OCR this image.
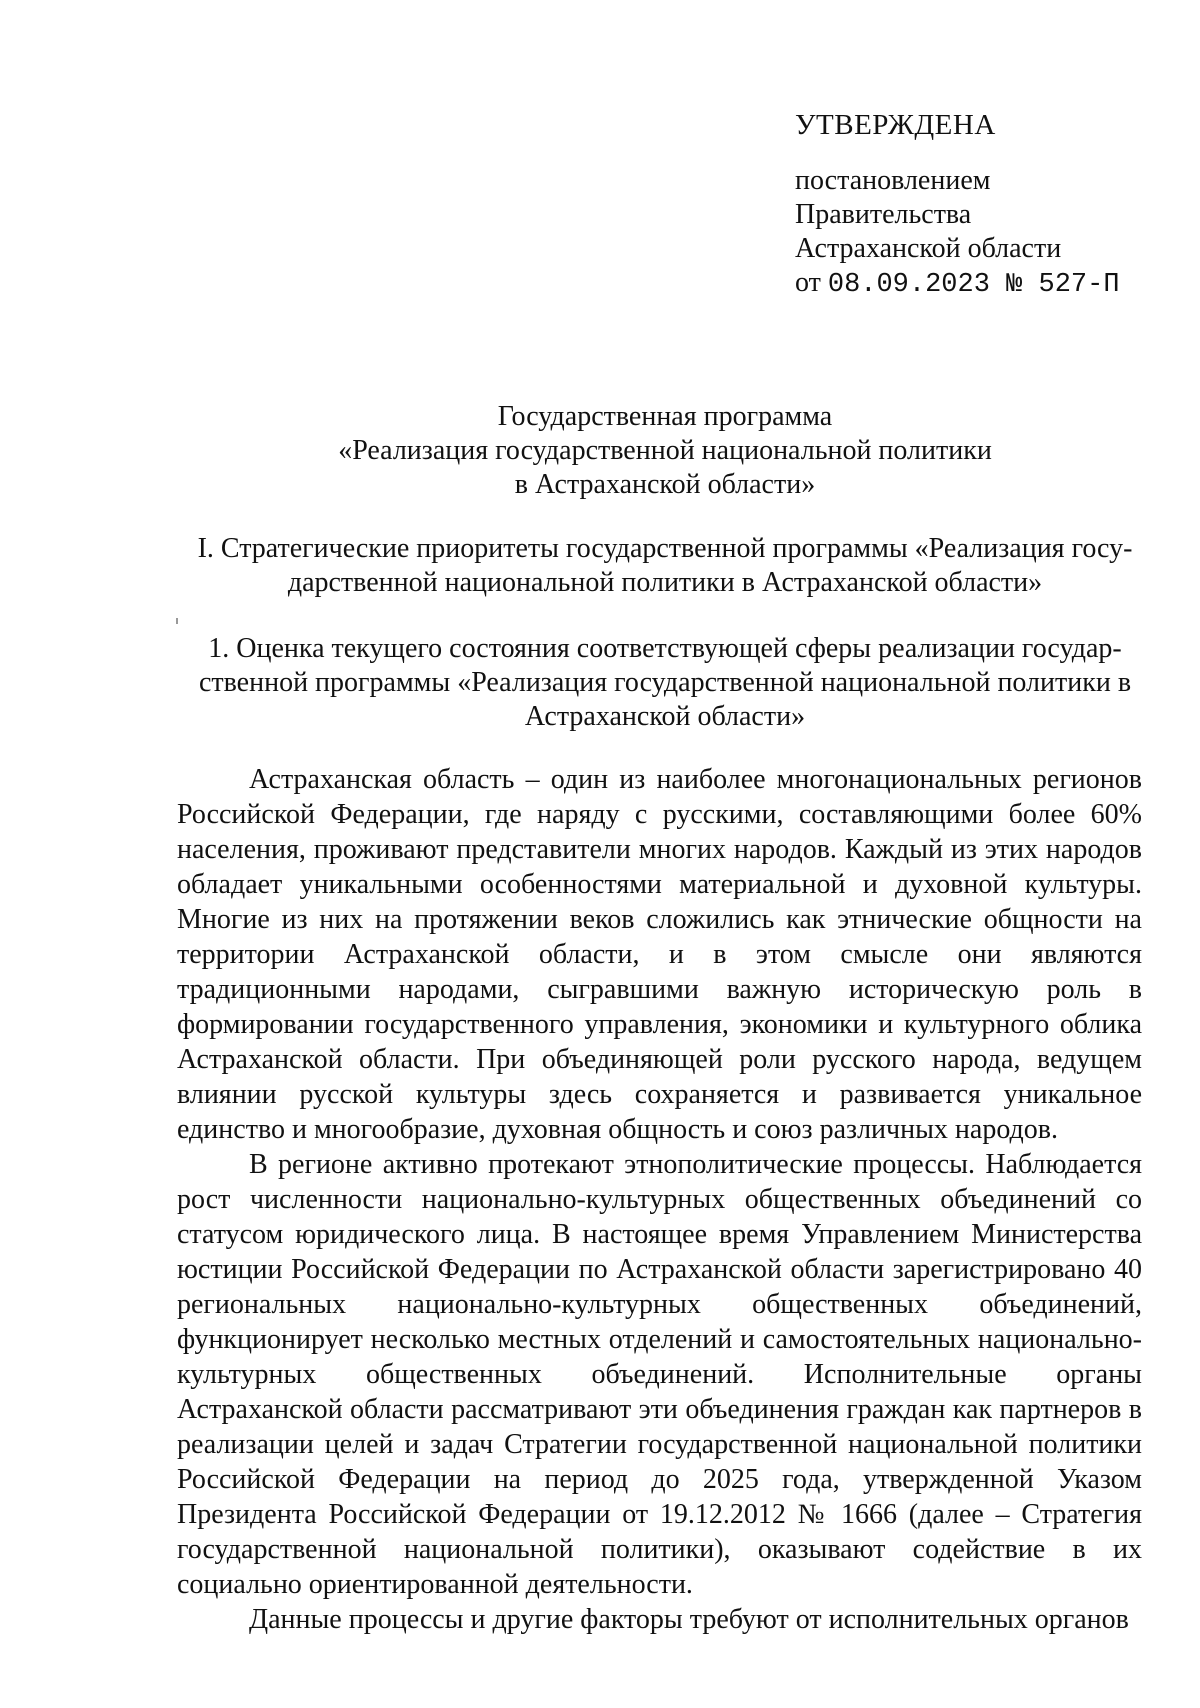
УТВЕРЖДЕНА
постановлением
Правительства
Астраханской области
от 08.09.2023 № 527-П
Государственная программа
«Реализация государственной национальной политики
в Астраханской области»
I. Стратегические приоритеты государственной программы «Реализация госу-
дарственной национальной политики в Астраханской области»
1. Оценка текущего состояния соответствующей сферы реализации государ-
ственной программы «Реализация государственной национальной политики в
Астраханской области»

Астраханская область – один из наиболее многонациональных регионов Российской Федерации, где наряду с русскими, составляющими более 60% населения, проживают представители многих народов. Каждый из этих народов обладает уникальными особенностями материальной и духовной культуры. Многие из них на протяжении веков сложились как этнические общности на территории Астраханской области, и в этом смысле они являются традиционными народами, сыгравшими важную историческую роль в формировании государственного управления, экономики и культурного облика Астраханской области. При объединяющей роли русского народа, ведущем влиянии русской культуры здесь сохраняется и развивается уникальное единство и многообразие, духовная общность и союз различных народов.

В регионе активно протекают этнополитические процессы. Наблюдается рост численности национально-культурных общественных объединений со статусом юридического лица. В настоящее время Управлением Министерства юстиции Российской Федерации по Астраханской области зарегистрировано 40 региональных национально-культурных общественных объединений, функционирует несколько местных отделений и самостоятельных национально-культурных общественных объединений. Исполнительные органы Астраханской области рассматривают эти объединения граждан как партнеров в реализации целей и задач Стратегии государственной национальной политики Российской Федерации на период до 2025 года, утвержденной Указом Президента Российской Федерации от 19.12.2012 № 1666 (далее – Стратегия государственной национальной политики), оказывают содействие в их социально ориентированной деятельности.

Данные процессы и другие факторы требуют от исполнительных органов
